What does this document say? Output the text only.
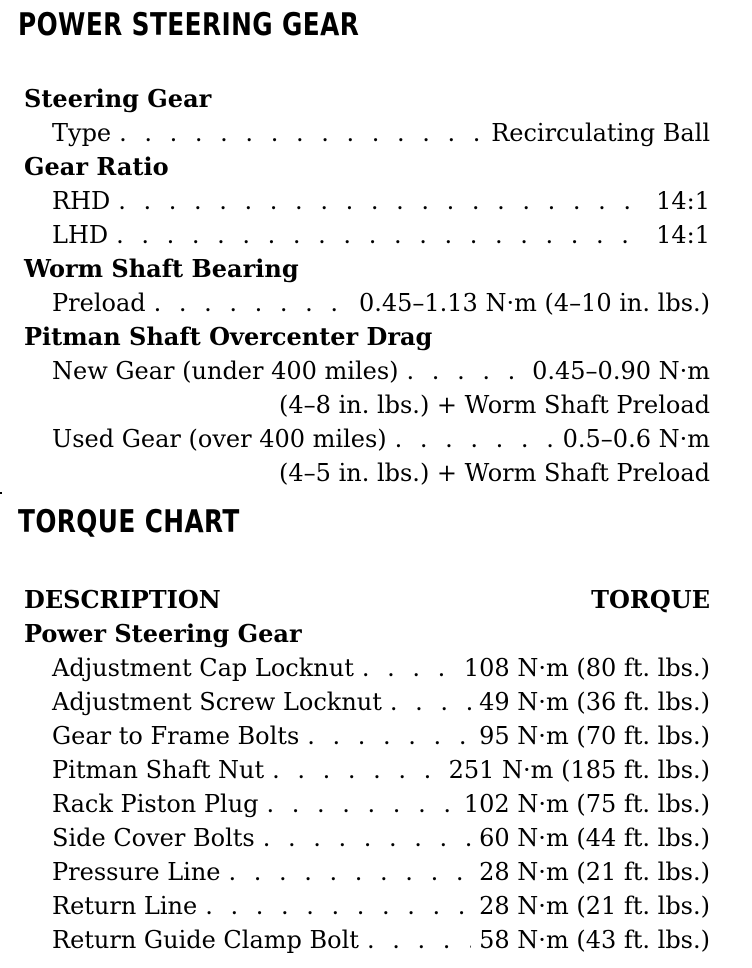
POWER STEERING GEAR
Steering Gear
Type . . .	Recirculating Ball
Gear Ratio
RHD . . .	14:1
LHD . . .	14:1
Worm Shaft Bearing
Preload . . .	0.45–1.13 N·m (4–10 in. lbs.)
Pitman Shaft Overcenter Drag
New Gear (under 400 miles) . . .	0.45–0.90 N·m
(4–8 in. lbs.) + Worm Shaft Preload
Used Gear (over 400 miles) . . .	0.5–0.6 N·m
(4–5 in. lbs.) + Worm Shaft Preload
TORQUE CHART
DESCRIPTION	TORQUE
Power Steering Gear
Adjustment Cap Locknut . . .	108 N·m (80 ft. lbs.)
Adjustment Screw Locknut . . .	49 N·m (36 ft. lbs.)
Gear to Frame Bolts . . .	95 N·m (70 ft. lbs.)
Pitman Shaft Nut . . .	251 N·m (185 ft. lbs.)
Rack Piston Plug . . .	102 N·m (75 ft. lbs.)
Side Cover Bolts . . .	60 N·m (44 ft. lbs.)
Pressure Line . . .	28 N·m (21 ft. lbs.)
Return Line . . .	28 N·m (21 ft. lbs.)
Return Guide Clamp Bolt . . .	58 N·m (43 ft. lbs.)
